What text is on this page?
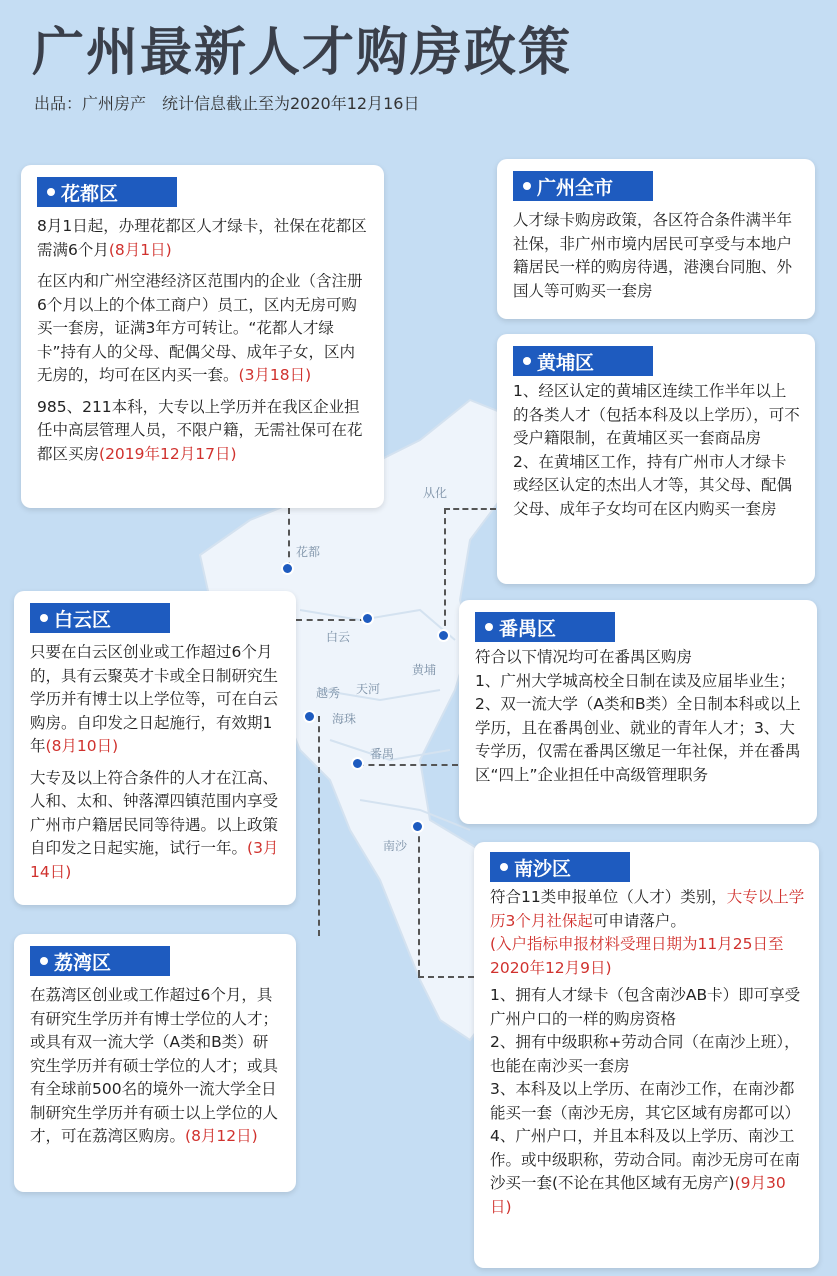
广州最新人才购房政策
出品：广州房产　统计信息截止至为2020年12月16日
从化
花都
白云
天河
黄埔
越秀
海珠
番禺
南沙
花都区
8月1日起，办理花都区人才绿卡，社保在花都区需满6个月(8月1日)
在区内和广州空港经济区范围内的企业（含注册6个月以上的个体工商户）员工，区内无房可购买一套房，证满3年方可转让。“花都人才绿卡”持有人的父母、配偶父母、成年子女，区内无房的，均可在区内买一套。(3月18日)
985、211本科，大专以上学历并在我区企业担任中高层管理人员，不限户籍，无需社保可在花都区买房(2019年12月17日)
广州全市
人才绿卡购房政策，各区符合条件满半年社保，非广州市境内居民可享受与本地户籍居民一样的购房待遇，港澳台同胞、外国人等可购买一套房
黄埔区
1、经区认定的黄埔区连续工作半年以上的各类人才（包括本科及以上学历），可不受户籍限制，在黄埔区买一套商品房
2、在黄埔区工作，持有广州市人才绿卡或经区认定的杰出人才等，其父母、配偶父母、成年子女均可在区内购买一套房
白云区
只要在白云区创业或工作超过6个月的，具有云聚英才卡或全日制研究生学历并有博士以上学位等，可在白云购房。自印发之日起施行，有效期1年(8月10日)
大专及以上符合条件的人才在江高、人和、太和、钟落潭四镇范围内享受广州市户籍居民同等待遇。以上政策自印发之日起实施，试行一年。(3月14日)
番禺区
符合以下情况均可在番禺区购房
1、广州大学城高校全日制在读及应届毕业生；2、双一流大学（A类和B类）全日制本科或以上学历，且在番禺创业、就业的青年人才；3、大专学历，仅需在番禺区缴足一年社保，并在番禺区“四上”企业担任中高级管理职务
荔湾区
在荔湾区创业或工作超过6个月，具有研究生学历并有博士学位的人才；或具有双一流大学（A类和B类）研究生学历并有硕士学位的人才；或具有全球前500名的境外一流大学全日制研究生学历并有硕士以上学位的人才，可在荔湾区购房。(8月12日)
南沙区
符合11类申报单位（人才）类别，大专以上学历3个月社保起可申请落户。
(入户指标申报材料受理日期为11月25日至2020年12月9日)
1、拥有人才绿卡（包含南沙AB卡）即可享受广州户口的一样的购房资格
2、拥有中级职称+劳动合同（在南沙上班），也能在南沙买一套房
3、本科及以上学历、在南沙工作，在南沙都能买一套（南沙无房，其它区域有房都可以）
4、广州户口，并且本科及以上学历、南沙工作。或中级职称，劳动合同。南沙无房可在南沙买一套(不论在其他区域有无房产)(9月30日)
